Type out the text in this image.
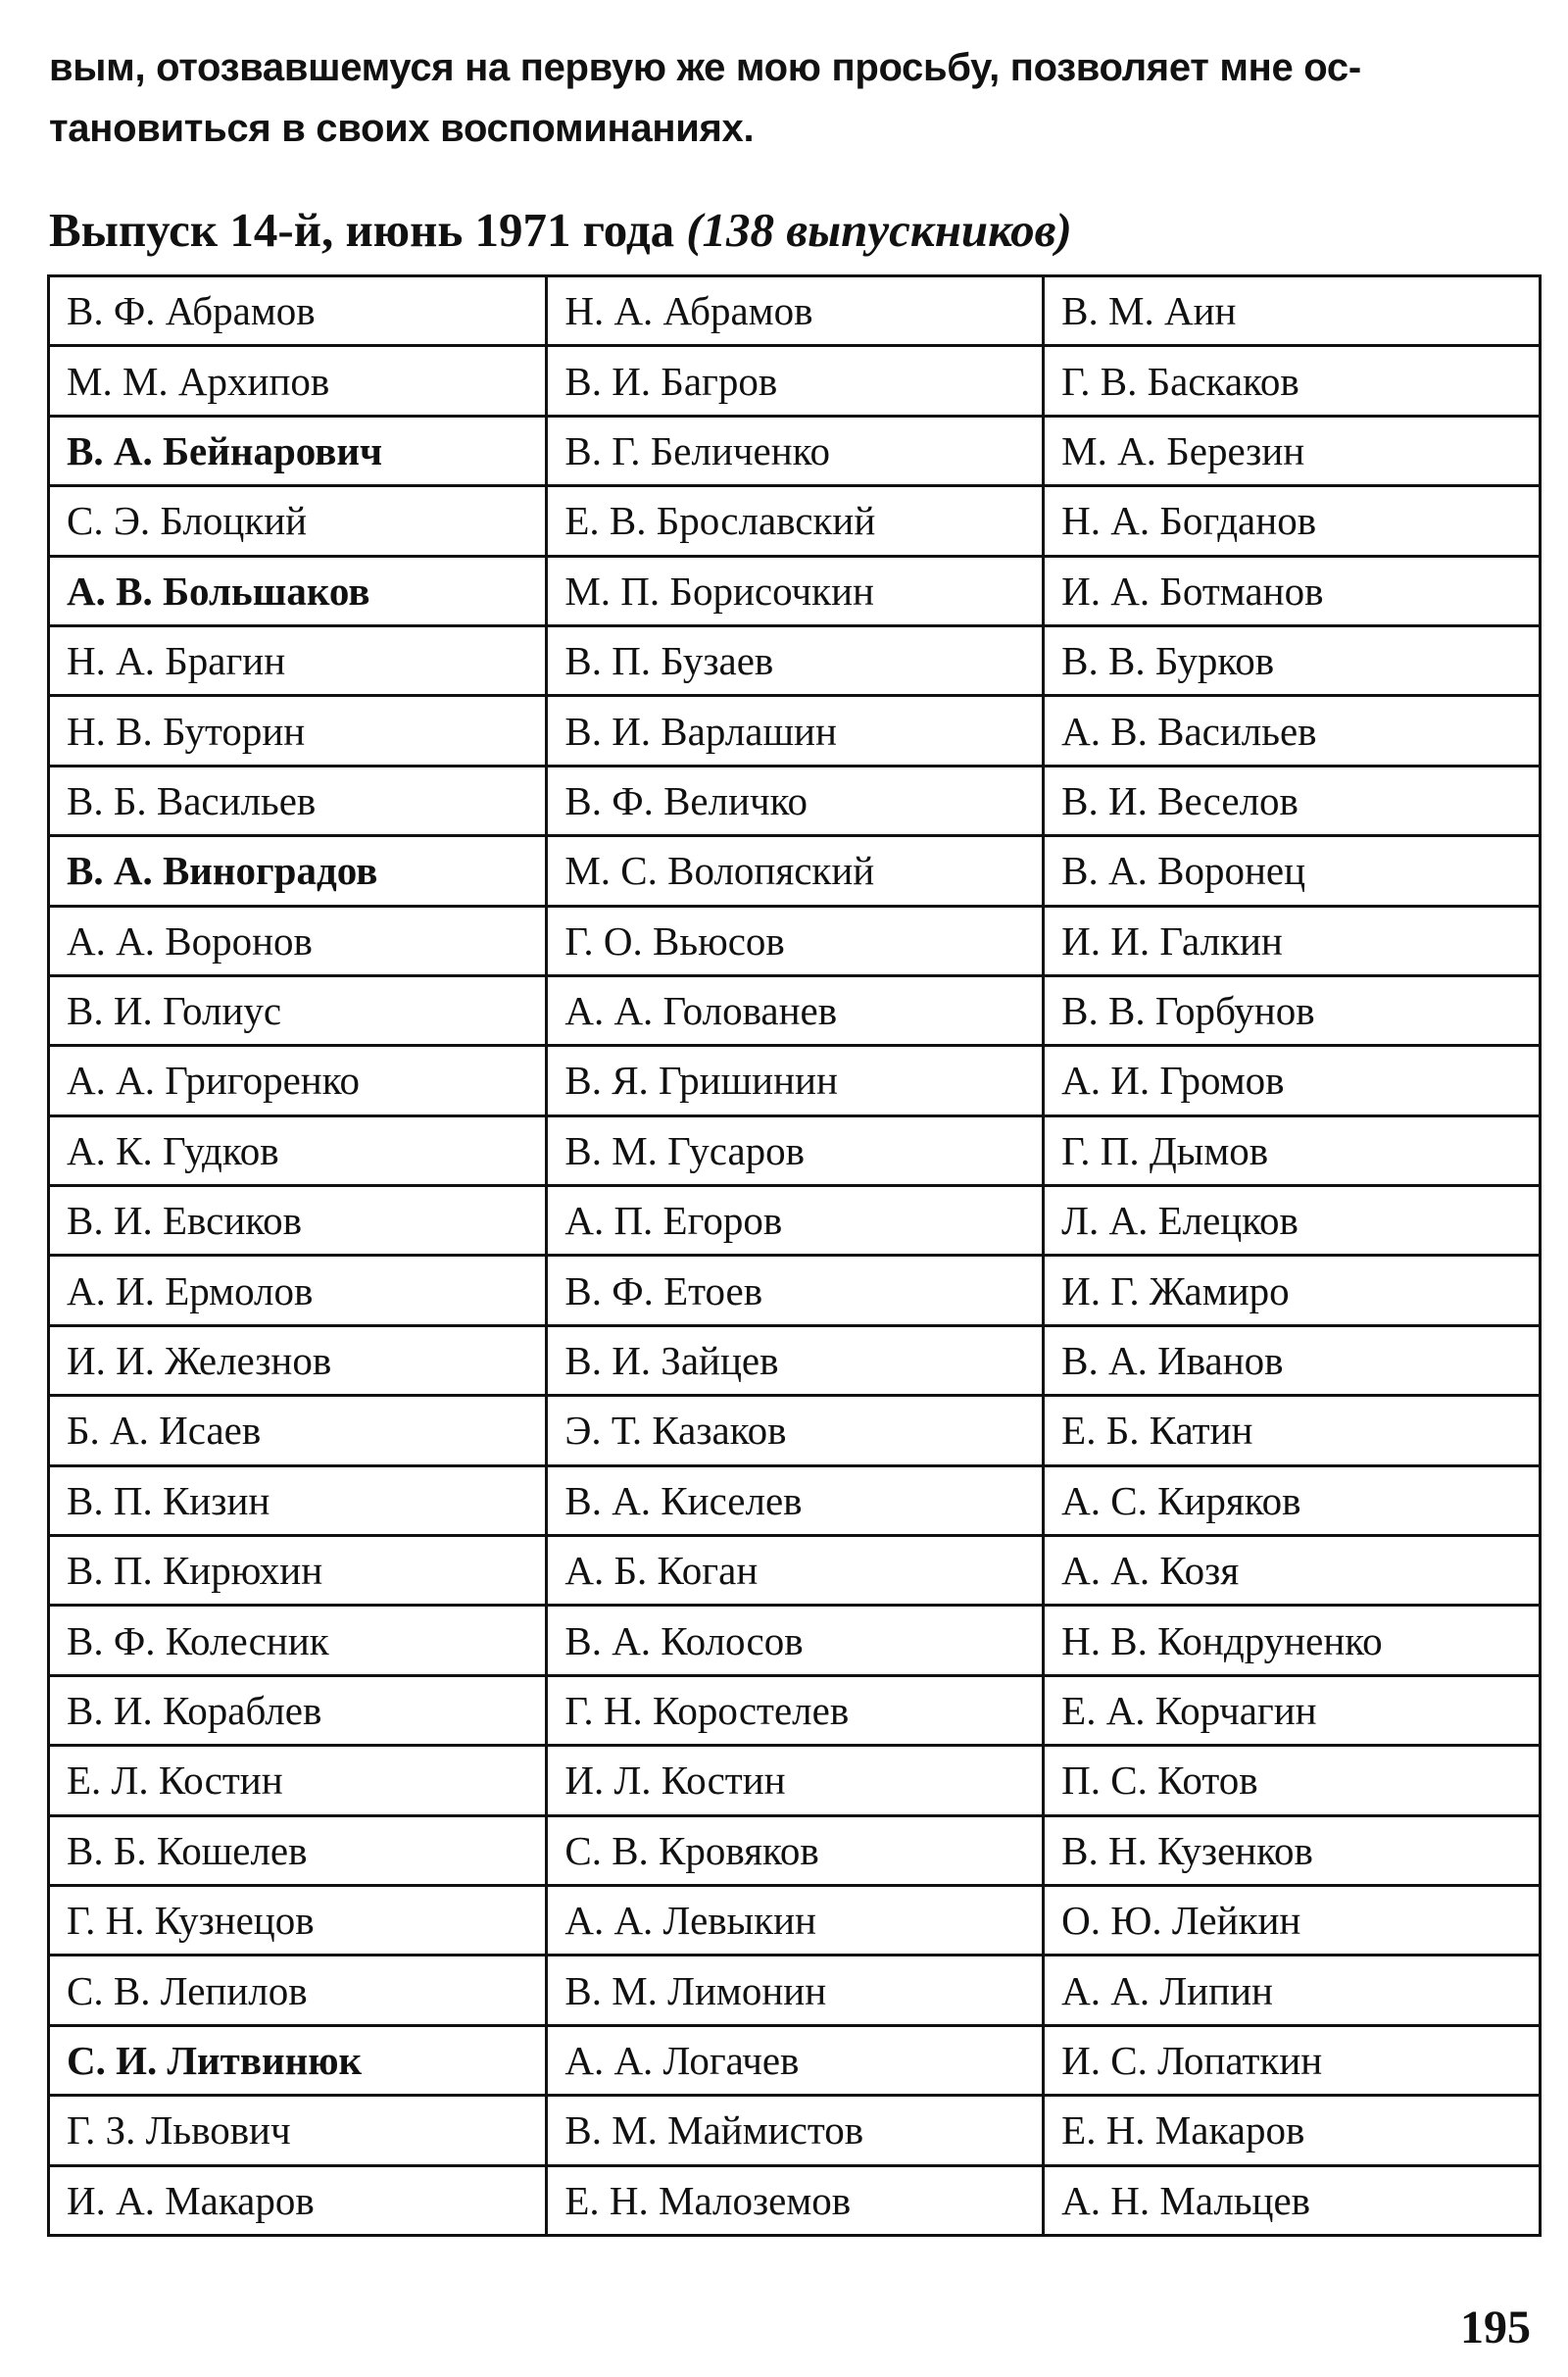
вым, отозвавшемуся на первую же мою просьбу, позволяет мне ос-

тановиться в своих воспоминаниях.

Выпуск 14-й, июнь 1971 года (138 выпускников)
В. Ф. Абрамов	Н. А. Абрамов	В. М. Аин
М. М. Архипов	В. И. Багров	Г. В. Баскаков
В. А. Бейнарович	В. Г. Беличенко	М. А. Березин
С. Э. Блоцкий	Е. В. Брославский	Н. А. Богданов
А. В. Большаков	М. П. Борисочкин	И. А. Ботманов
Н. А. Брагин	В. П. Бузаев	В. В. Бурков
Н. В. Буторин	В. И. Варлашин	А. В. Васильев
В. Б. Васильев	В. Ф. Величко	В. И. Веселов
В. А. Виноградов	М. С. Волопяский	В. А. Воронец
А. А. Воронов	Г. О. Вьюсов	И. И. Галкин
В. И. Голиус	А. А. Голованев	В. В. Горбунов
А. А. Григоренко	В. Я. Гришинин	А. И. Громов
А. К. Гудков	В. М. Гусаров	Г. П. Дымов
В. И. Евсиков	А. П. Егоров	Л. А. Елецков
А. И. Ермолов	В. Ф. Етоев	И. Г. Жамиро
И. И. Железнов	В. И. Зайцев	В. А. Иванов
Б. А. Исаев	Э. Т. Казаков	Е. Б. Катин
В. П. Кизин	В. А. Киселев	А. С. Киряков
В. П. Кирюхин	А. Б. Коган	А. А. Козя
В. Ф. Колесник	В. А. Колосов	Н. В. Кондруненко
В. И. Кораблев	Г. Н. Коростелев	Е. А. Корчагин
Е. Л. Костин	И. Л. Костин	П. С. Котов
В. Б. Кошелев	С. В. Кровяков	В. Н. Кузенков
Г. Н. Кузнецов	А. А. Левыкин	О. Ю. Лейкин
С. В. Лепилов	В. М. Лимонин	А. А. Липин
С. И. Литвинюк	А. А. Логачев	И. С. Лопаткин
Г. З. Львович	В. М. Маймистов	Е. Н. Макаров
И. А. Макаров	Е. Н. Малоземов	А. Н. Мальцев
195
